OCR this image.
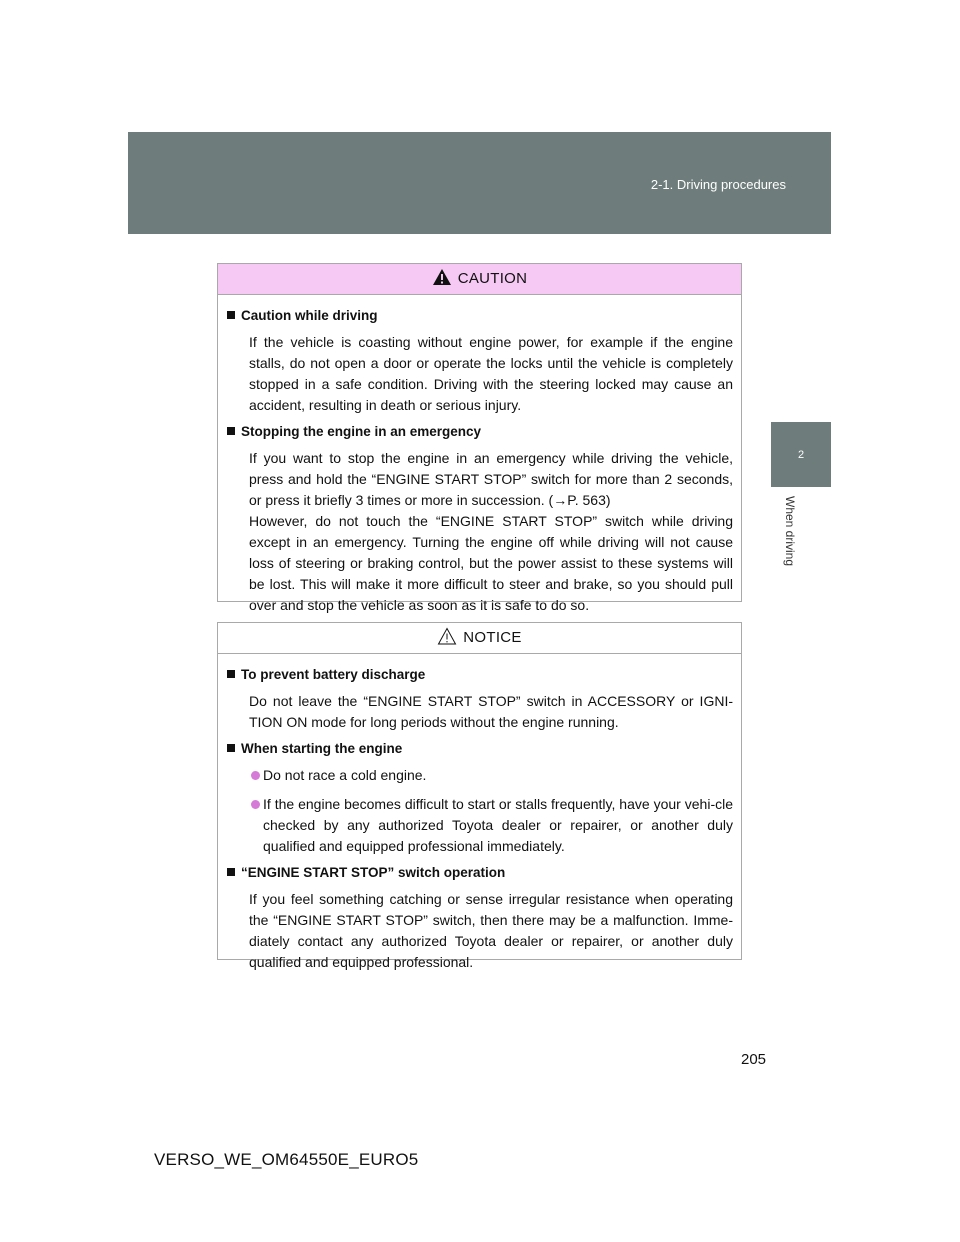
2-1. Driving procedures
2
When driving
CAUTION
Caution while driving

If the vehicle is coasting without engine power, for example if the engine stalls, do not open a door or operate the locks until the vehicle is completely stopped in a safe condition. Driving with the steering locked may cause an accident, resulting in death or serious injury.

Stopping the engine in an emergency

If you want to stop the engine in an emergency while driving the vehicle, press and hold the “ENGINE START STOP” switch for more than 2 seconds, or press it briefly 3 times or more in succession. (→P. 563)

However, do not touch the “ENGINE START STOP” switch while driving except in an emergency. Turning the engine off while driving will not cause loss of steering or braking control, but the power assist to these systems will be lost. This will make it more difficult to steer and brake, so you should pull over and stop the vehicle as soon as it is safe to do so.

NOTICE
To prevent battery discharge

Do not leave the “ENGINE START STOP” switch in ACCESSORY or IGNI-TION ON mode for long periods without the engine running.

When starting the engine
Do not race a cold engine.
If the engine becomes difficult to start or stalls frequently, have your vehi-cle checked by any authorized Toyota dealer or repairer, or another duly qualified and equipped professional immediately.
“ENGINE START STOP” switch operation

If you feel something catching or sense irregular resistance when operating the “ENGINE START STOP” switch, then there may be a malfunction. Imme-diately contact any authorized Toyota dealer or repairer, or another duly qualified and equipped professional.

205
VERSO_WE_OM64550E_EURO5
